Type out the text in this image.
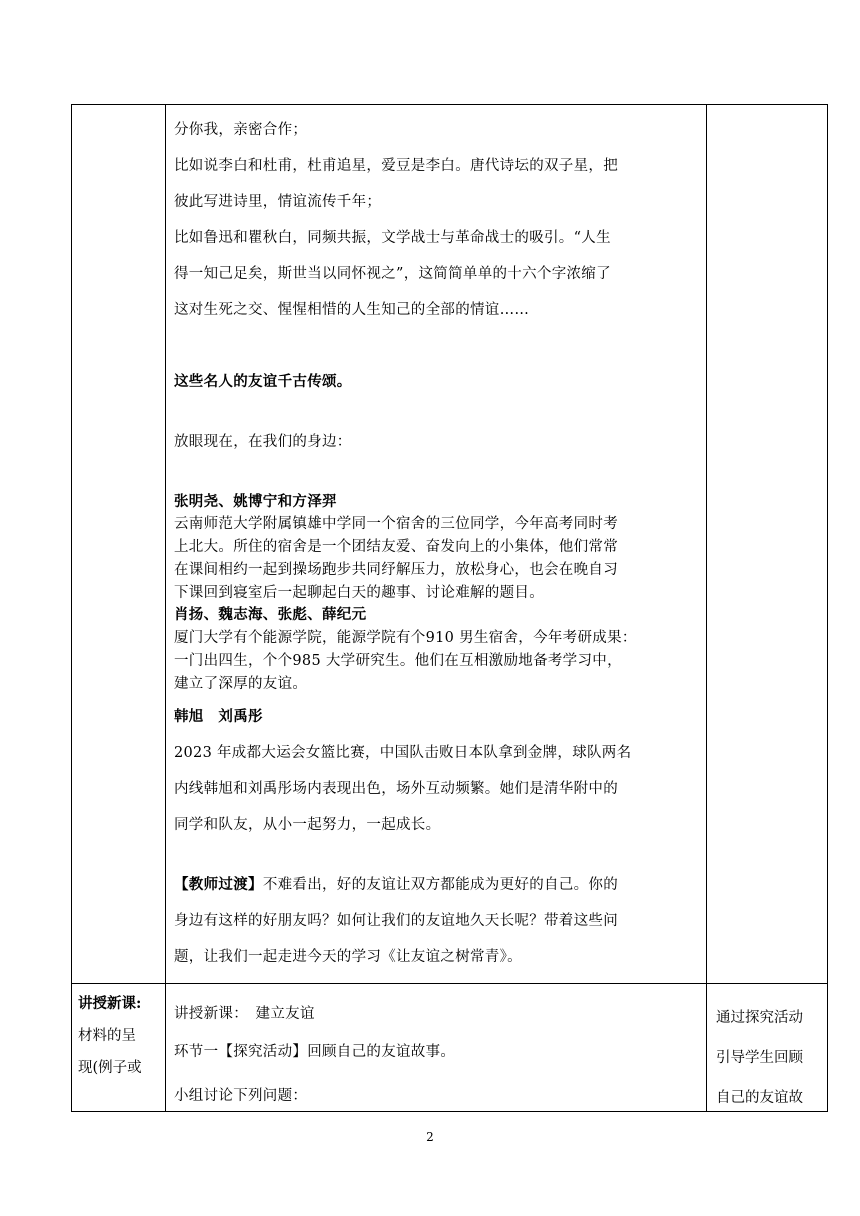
分你我，亲密合作；
比如说李白和杜甫，杜甫追星，爱豆是李白。唐代诗坛的双子星，把
彼此写进诗里，情谊流传千年；
比如鲁迅和瞿秋白，同频共振，文学战士与革命战士的吸引。“人生
得一知己足矣，斯世当以同怀视之”，这简简单单的十六个字浓缩了
这对生死之交、惺惺相惜的人生知己的全部的情谊……
这些名人的友谊千古传颂。
放眼现在，在我们的身边：
张明尧、姚博宁和方泽羿
云南师范大学附属镇雄中学同一个宿舍的三位同学，今年高考同时考
上北大。所住的宿舍是一个团结友爱、奋发向上的小集体，他们常常
在课间相约一起到操场跑步共同纾解压力，放松身心，也会在晚自习
下课回到寝室后一起聊起白天的趣事、讨论难解的题目。
肖扬、魏志海、张彪、薛纪元
厦门大学有个能源学院，能源学院有个910 男生宿舍，今年考研成果：
一门出四生，个个985 大学研究生。他们在互相激励地备考学习中，
建立了深厚的友谊。
韩旭　刘禹彤
2023 年成都大运会女篮比赛，中国队击败日本队拿到金牌，球队两名
内线韩旭和刘禹彤场内表现出色，场外互动频繁。她们是清华附中的
同学和队友，从小一起努力，一起成长。
【教师过渡】不难看出，好的友谊让双方都能成为更好的自己。你的
身边有这样的好朋友吗？如何让我们的友谊地久天长呢？带着这些问
题，让我们一起走进今天的学习《让友谊之树常青》。
讲授新课:
材料的呈
现(例子或
讲授新课：　建立友谊
环节一【探究活动】回顾自己的友谊故事。
小组讨论下列问题：
通过探究活动
引导学生回顾
自己的友谊故
2
